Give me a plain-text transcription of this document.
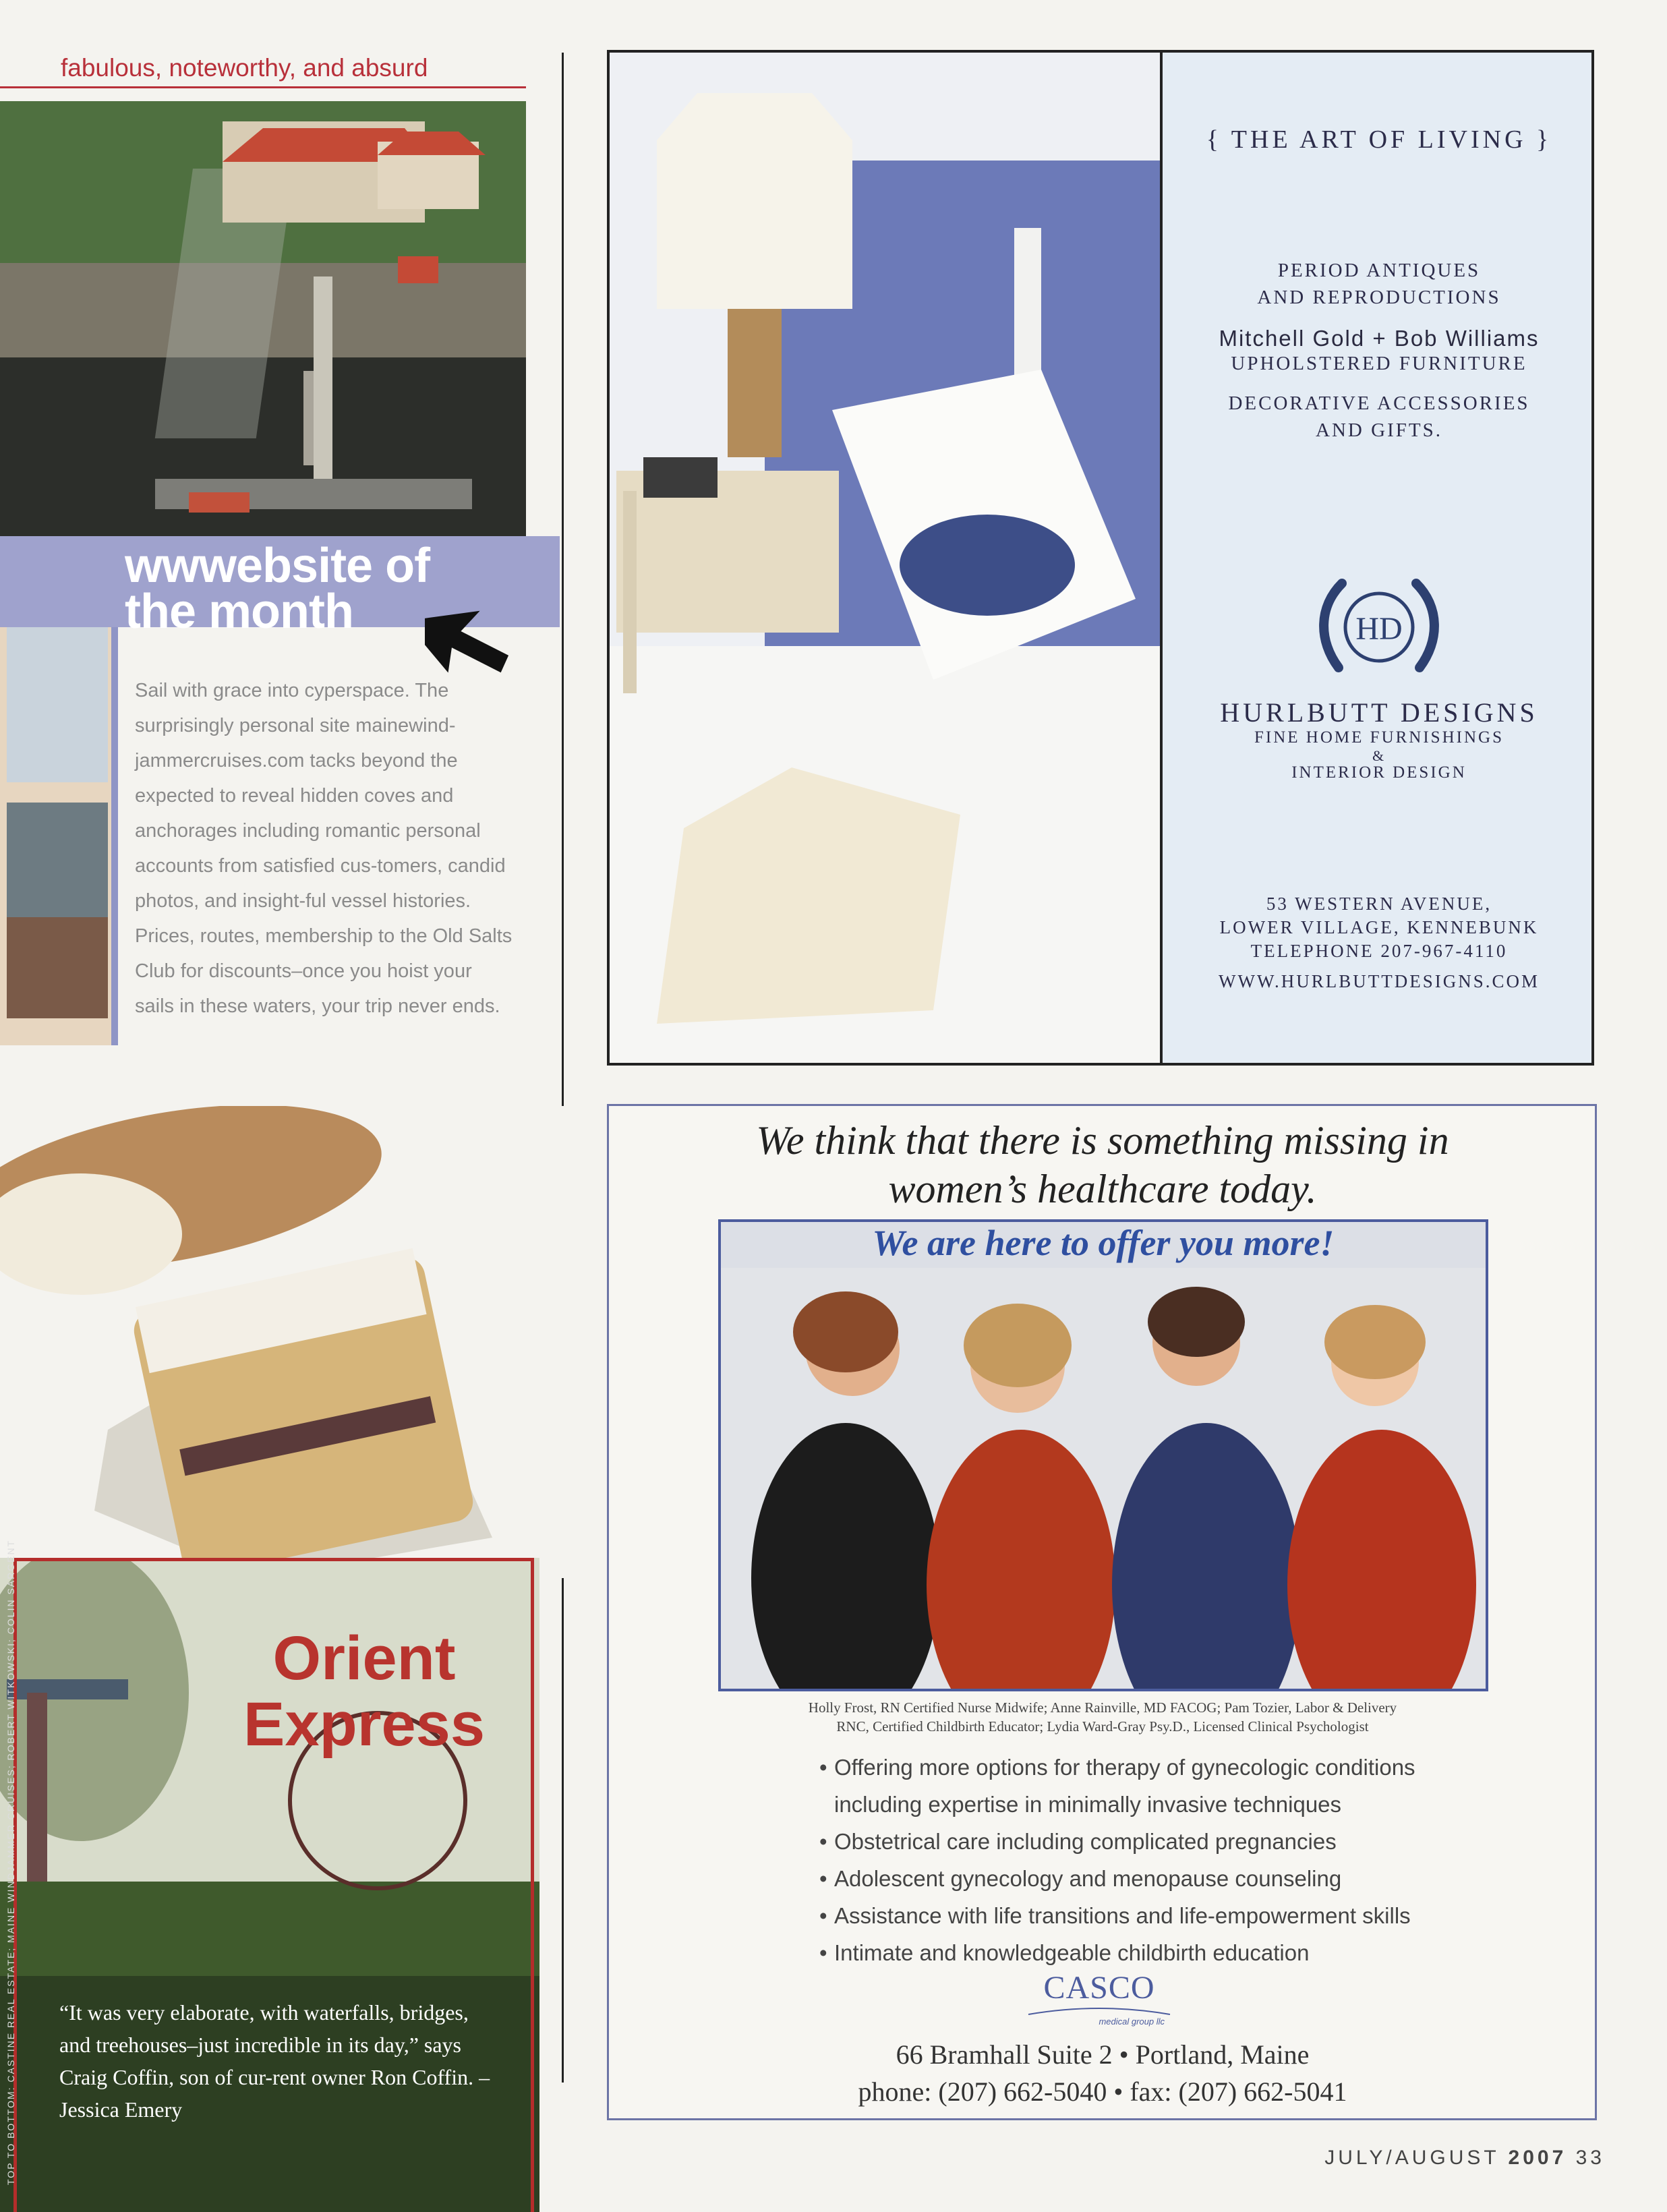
fabulous, noteworthy, and absurd
wwwebsite of
the month
Sail with grace into cyperspace. The surprisingly personal site mainewind-jammercruises.com tacks beyond the expected to reveal hidden coves and anchorages including romantic personal accounts from satisfied cus-tomers, candid photos, and insight-ful vessel histories. Prices, routes, membership to the Old Salts Club for discounts–once you hoist your sails in these waters, your trip never ends.
Orient
Express
“It was very elaborate, with waterfalls, bridges, and treehouses–just incredible in its day,” says Craig Coffin, son of cur-rent owner Ron Coffin. –Jessica Emery
TOP TO BOTTOM: CASTINE REAL ESTATE; MAINE WINDJAMMER CRUISES; ROBERT WITKOWSKI; COLIN SARGENT
{ THE ART OF LIVING }
PERIOD ANTIQUES
AND REPRODUCTIONS
Mitchell Gold + Bob Williams
UPHOLSTERED FURNITURE
DECORATIVE ACCESSORIES
AND GIFTS.
HD
HURLBUTT DESIGNS
FINE HOME FURNISHINGS
&
INTERIOR DESIGN
53 WESTERN AVENUE,
LOWER VILLAGE, KENNEBUNK
TELEPHONE 207-967-4110
WWW.HURLBUTTDESIGNS.COM
We think that there is something missing in
women’s healthcare today.
We are here to offer you more!
Holly Frost, RN Certified Nurse Midwife; Anne Rainville, MD FACOG; Pam Tozier, Labor & Delivery
RNC, Certified Childbirth Educator; Lydia Ward-Gray Psy.D., Licensed Clinical Psychologist
• Offering more options for therapy of gynecologic conditions including expertise in minimally invasive techniques
• Obstetrical care including complicated pregnancies
• Adolescent gynecology and menopause counseling
• Assistance with life transitions and life-empowerment skills
• Intimate and knowledgeable childbirth education
CASCO
medical group llc
66 Bramhall Suite 2 • Portland, Maine
phone: (207) 662-5040 • fax: (207) 662-5041
JULY/AUGUST 2007 33
